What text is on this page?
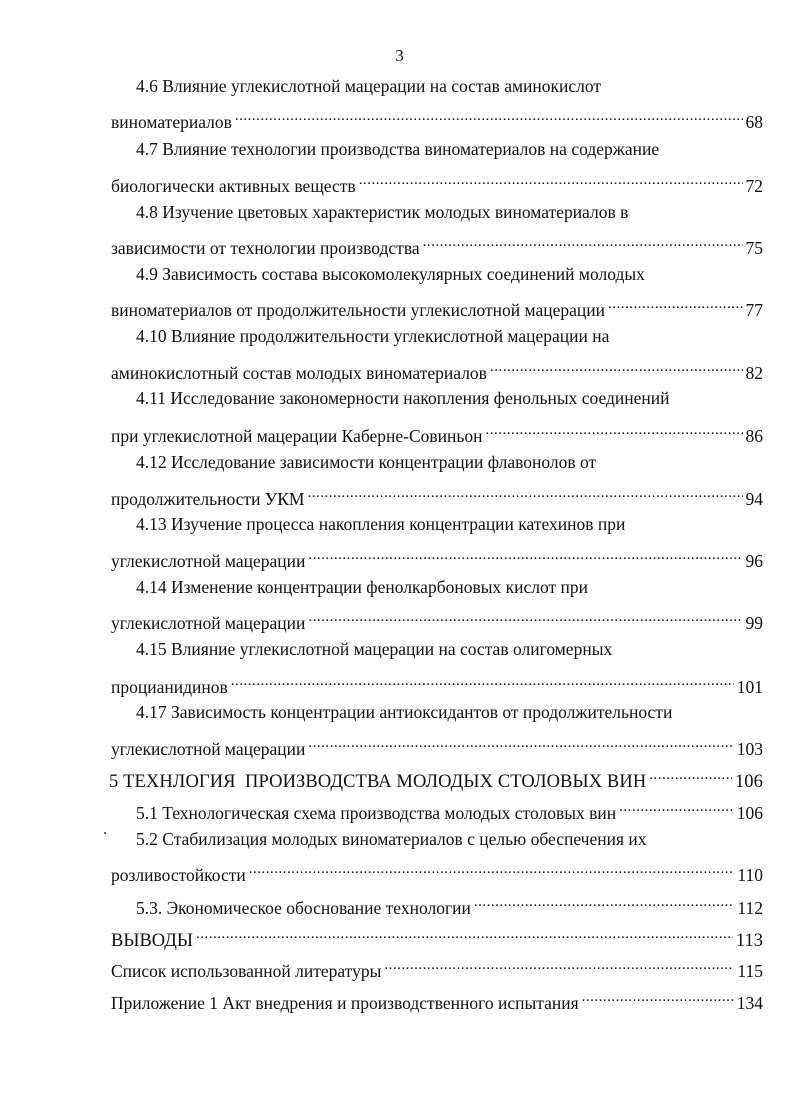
3
4.6 Влияние углекислотной мацерации на состав аминокислот
виноматериалов .....	68
4.7 Влияние технологии производства виноматериалов на содержание
биологически активных веществ .....	72
4.8 Изучение цветовых характеристик молодых виноматериалов в
зависимости от технологии производства .....	75
4.9 Зависимость состава высокомолекулярных соединений молодых
виноматериалов от продолжительности углекислотной мацерации .....	77
4.10 Влияние продолжительности углекислотной мацерации на
аминокислотный состав молодых виноматериалов .....	82
4.11 Исследование закономерности накопления фенольных соединений
при углекислотной мацерации Каберне-Совиньон .....	86
4.12 Исследование зависимости концентрации флавонолов от
продолжительности УКМ .....	94
4.13 Изучение процесса накопления концентрации катехинов при
углекислотной мацерации .....	96
4.14 Изменение концентрации фенолкарбоновых кислот при
углекислотной мацерации .....	99
4.15 Влияние углекислотной мацерации на состав олигомерных
процианидинов .....	101
4.17 Зависимость концентрации антиоксидантов от продолжительности
углекислотной мацерации .....	103
5 ТЕХНЛОГИЯ  ПРОИЗВОДСТВА МОЛОДЫХ СТОЛОВЫХ ВИН .....	106
5.1 Технологическая схема производства молодых столовых вин .....	106
5.2 Стабилизация молодых виноматериалов с целью обеспечения их
розливостойкости .....	110
5.3. Экономическое обоснование технологии .....	112
ВЫВОДЫ .....	113
Список использованной литературы .....	115
Приложение 1 Акт внедрения и производственного испытания .....	134
